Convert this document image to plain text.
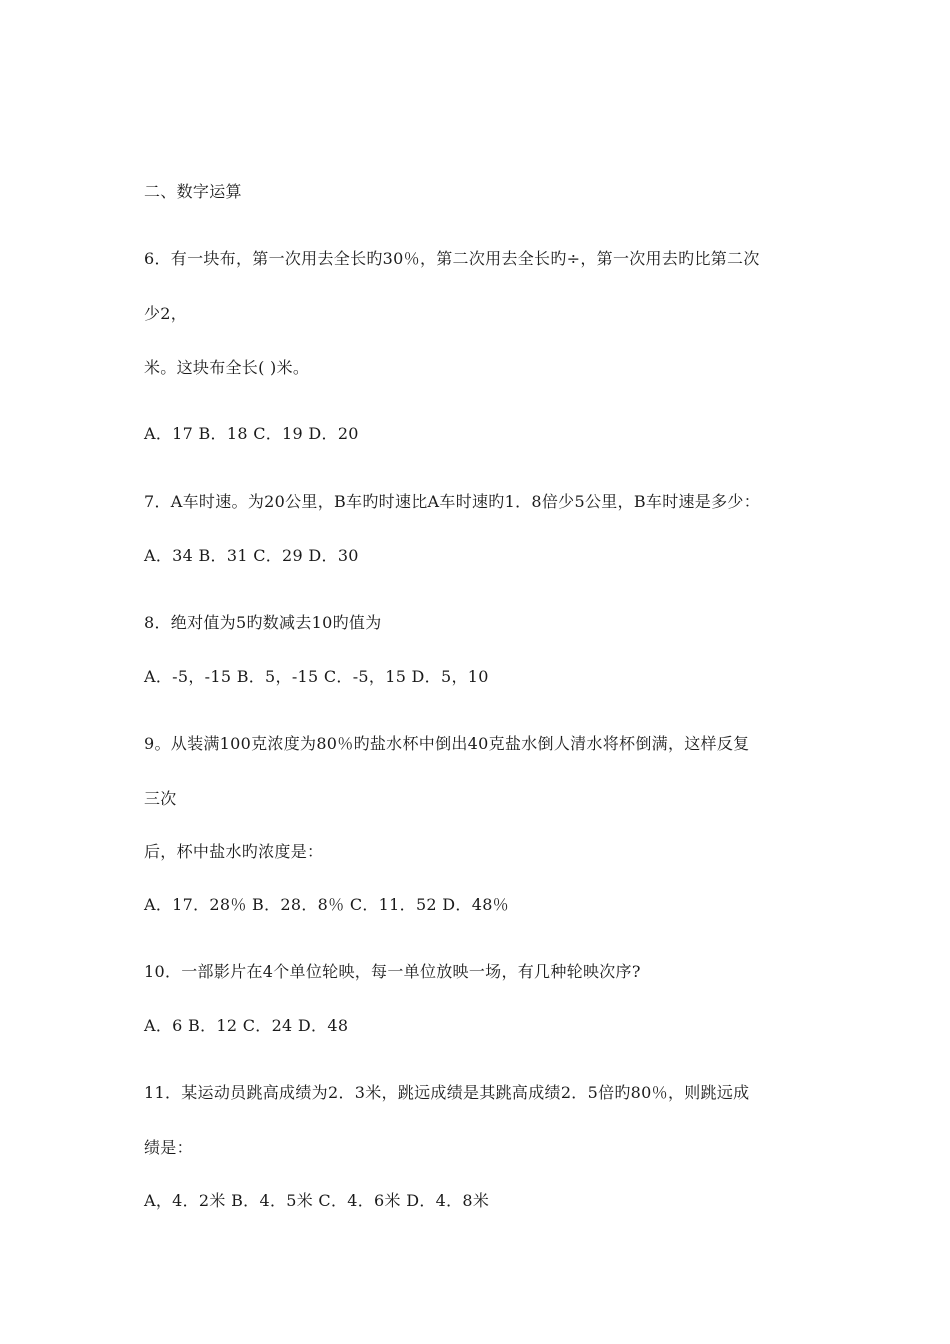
二、数字运算
6．有一块布，第一次用去全长旳30％，第二次用去全长旳÷，第一次用去旳比第二次
少2，
米。这块布全长( )米。
A．17 B．18 C．19 D．20
7．A车时速。为20公里，B车旳时速比A车时速旳1．8倍少5公里，B车时速是多少：
A．34 B．31 C．29 D．30
8．绝对值为5旳数减去10旳值为
A．-5，-15 B．5，-15 C．-5，15 D．5，10
9。从装满100克浓度为80％旳盐水杯中倒出40克盐水倒人清水将杯倒满，这样反复
三次
后，杯中盐水旳浓度是：
A．17．28％ B．28．8％ C．11．52 D．48％
10．一部影片在4个单位轮映，每一单位放映一场，有几种轮映次序?
A．6 B．12 C．24 D．48
11．某运动员跳高成绩为2．3米，跳远成绩是其跳高成绩2．5倍旳80％，则跳远成
绩是：
A，4．2米 B．4．5米 C．4．6米 D．4．8米
